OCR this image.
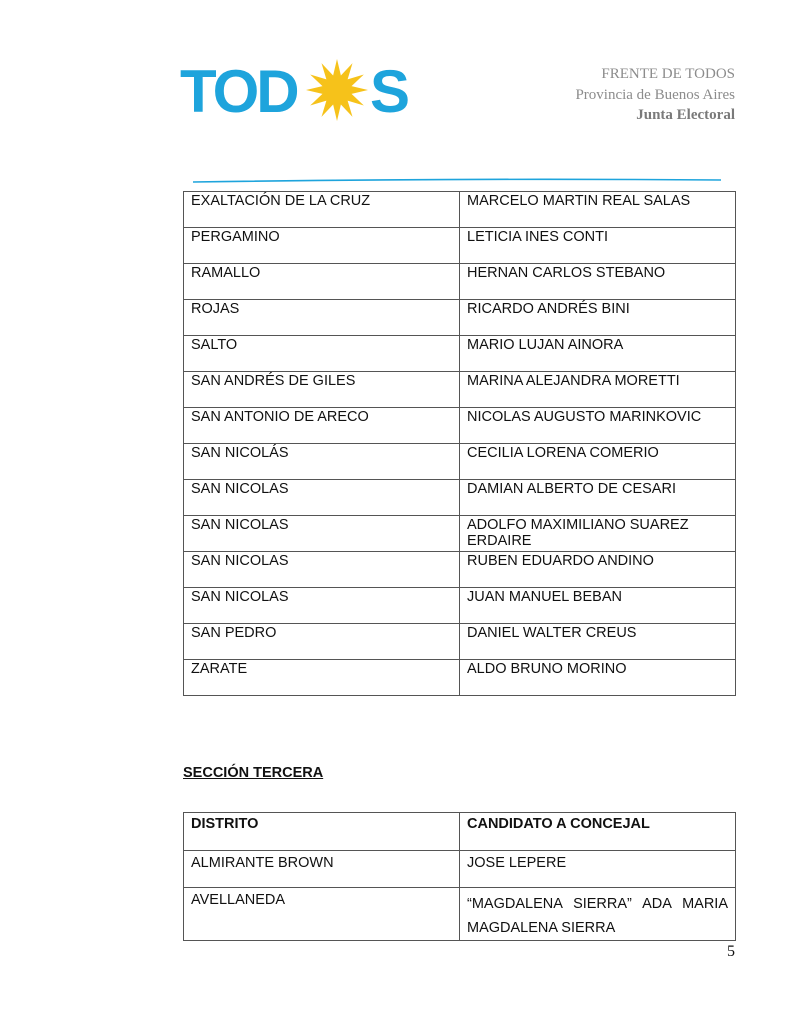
TOD S	FRENTE DE TODOS
Provincia de Buenos Aires
Junta Electoral
EXALTACIÓN DE LA CRUZ	MARCELO MARTIN REAL SALAS
PERGAMINO	LETICIA INES CONTI
RAMALLO	HERNAN CARLOS STEBANO
ROJAS	RICARDO ANDRÉS BINI
SALTO	MARIO LUJAN AINORA
SAN ANDRÉS DE GILES	MARINA ALEJANDRA MORETTI
SAN ANTONIO DE ARECO	NICOLAS AUGUSTO MARINKOVIC
SAN NICOLÁS	CECILIA LORENA COMERIO
SAN NICOLAS	DAMIAN ALBERTO DE CESARI
SAN NICOLAS	ADOLFO MAXIMILIANO SUAREZ ERDAIRE
SAN NICOLAS	RUBEN EDUARDO ANDINO
SAN NICOLAS	JUAN MANUEL BEBAN
SAN PEDRO	DANIEL WALTER CREUS
ZARATE	ALDO BRUNO MORINO
SECCIÓN TERCERA
DISTRITO	CANDIDATO A CONCEJAL
ALMIRANTE BROWN	JOSE LEPERE
AVELLANEDA	“MAGDALENA SIERRA” ADA MARIA MAGDALENA SIERRA
5
